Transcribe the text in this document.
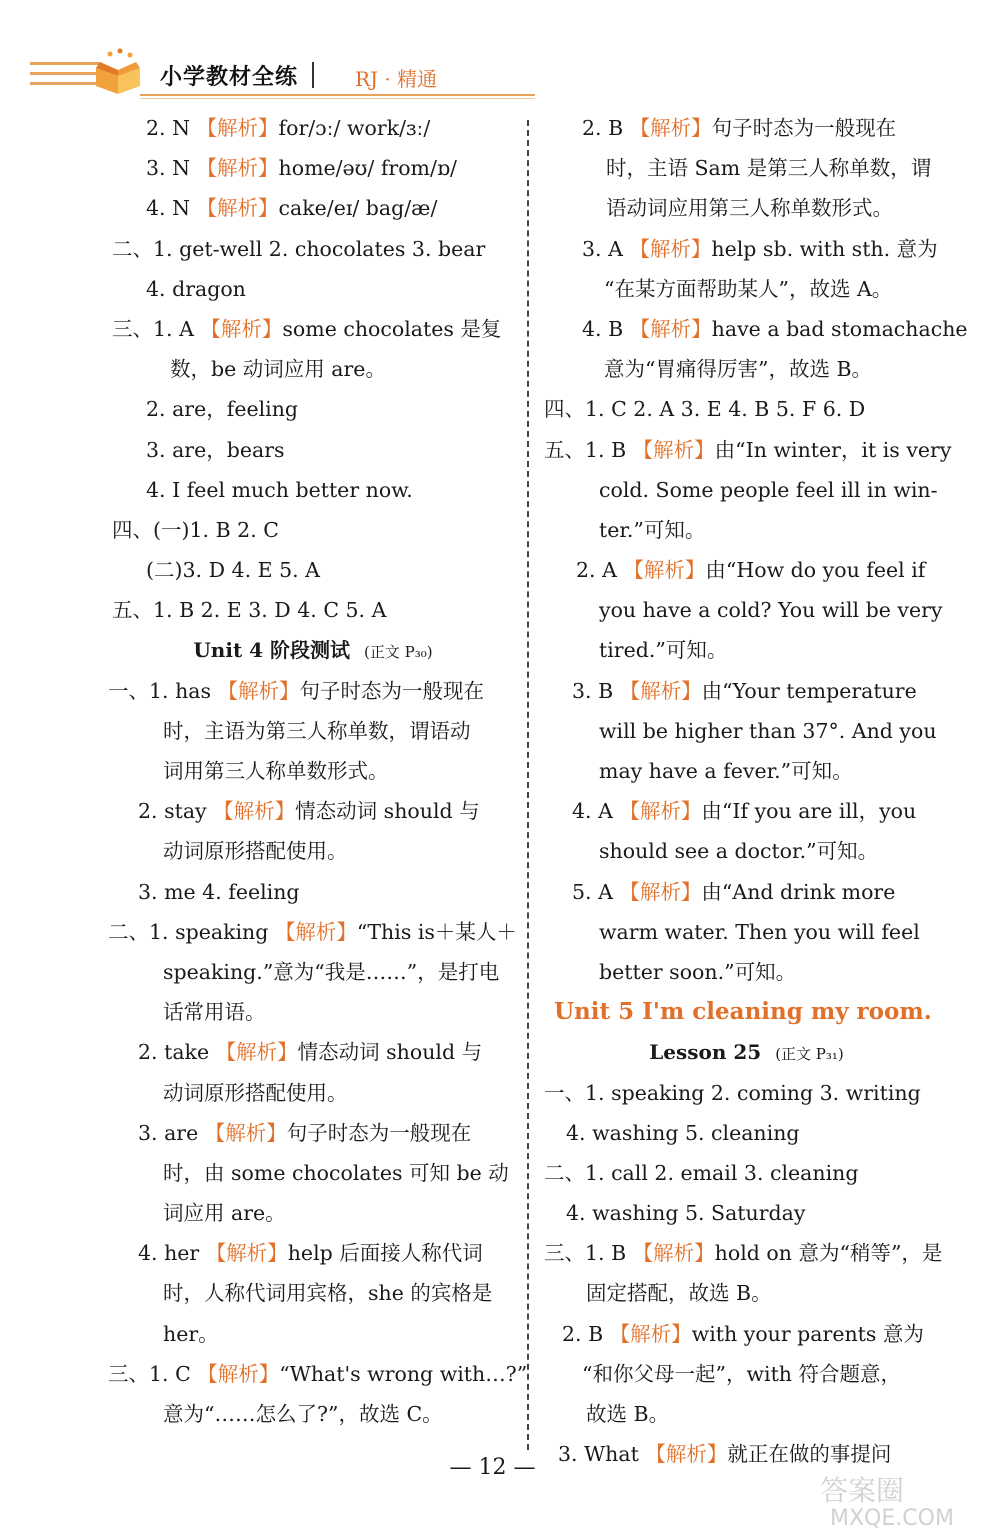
小学教材全练	RJ · 精通
2. N 【解析】for/ɔː/ work/ɜː/
3. N 【解析】home/əʊ/ from/ɒ/
4. N 【解析】cake/eɪ/ bag/æ/
二、1. get-well 2. chocolates 3. bear
4. dragon
三、1. A 【解析】some chocolates 是复
数，be 动词应用 are。
2. are，feeling
3. are，bears
4. I feel much better now.
四、(一)1. B 2. C
(二)3. D 4. E 5. A
五、1. B 2. E 3. D 4. C 5. A
Unit 4 阶段测试 (正文 P₃₀)
一、1. has 【解析】句子时态为一般现在
时，主语为第三人称单数，谓语动
词用第三人称单数形式。
2. stay 【解析】情态动词 should 与
动词原形搭配使用。
3. me 4. feeling
二、1. speaking 【解析】“This is＋某人＋
speaking.”意为“我是……”，是打电
话常用语。
2. take 【解析】情态动词 should 与
动词原形搭配使用。
3. are 【解析】句子时态为一般现在
时，由 some chocolates 可知 be 动
词应用 are。
4. her 【解析】help 后面接人称代词
时，人称代词用宾格，she 的宾格是
her。
三、1. C 【解析】“What's wrong with…?”
意为“……怎么了?”，故选 C。
2. B 【解析】句子时态为一般现在
时，主语 Sam 是第三人称单数，谓
语动词应用第三人称单数形式。
3. A 【解析】help sb. with sth. 意为
“在某方面帮助某人”，故选 A。
4. B 【解析】have a bad stomachache
意为“胃痛得厉害”，故选 B。
四、1. C 2. A 3. E 4. B 5. F 6. D
五、1. B 【解析】由“In winter，it is very
cold. Some people feel ill in win-
ter.”可知。
2. A 【解析】由“How do you feel if
you have a cold? You will be very
tired.”可知。
3. B 【解析】由“Your temperature
will be higher than 37°. And you
may have a fever.”可知。
4. A 【解析】由“If you are ill，you
should see a doctor.”可知。
5. A 【解析】由“And drink more
warm water. Then you will feel
better soon.”可知。
Unit 5 I'm cleaning my room.
Lesson 25 (正文 P₃₁)
一、1. speaking 2. coming 3. writing
4. washing 5. cleaning
二、1. call 2. email 3. cleaning
4. washing 5. Saturday
三、1. B 【解析】hold on 意为“稍等”，是
固定搭配，故选 B。
2. B 【解析】with your parents 意为
“和你父母一起”，with 符合题意，
故选 B。
3. What 【解析】就正在做的事提问
— 12 —
答案圈
MXQE.COM
